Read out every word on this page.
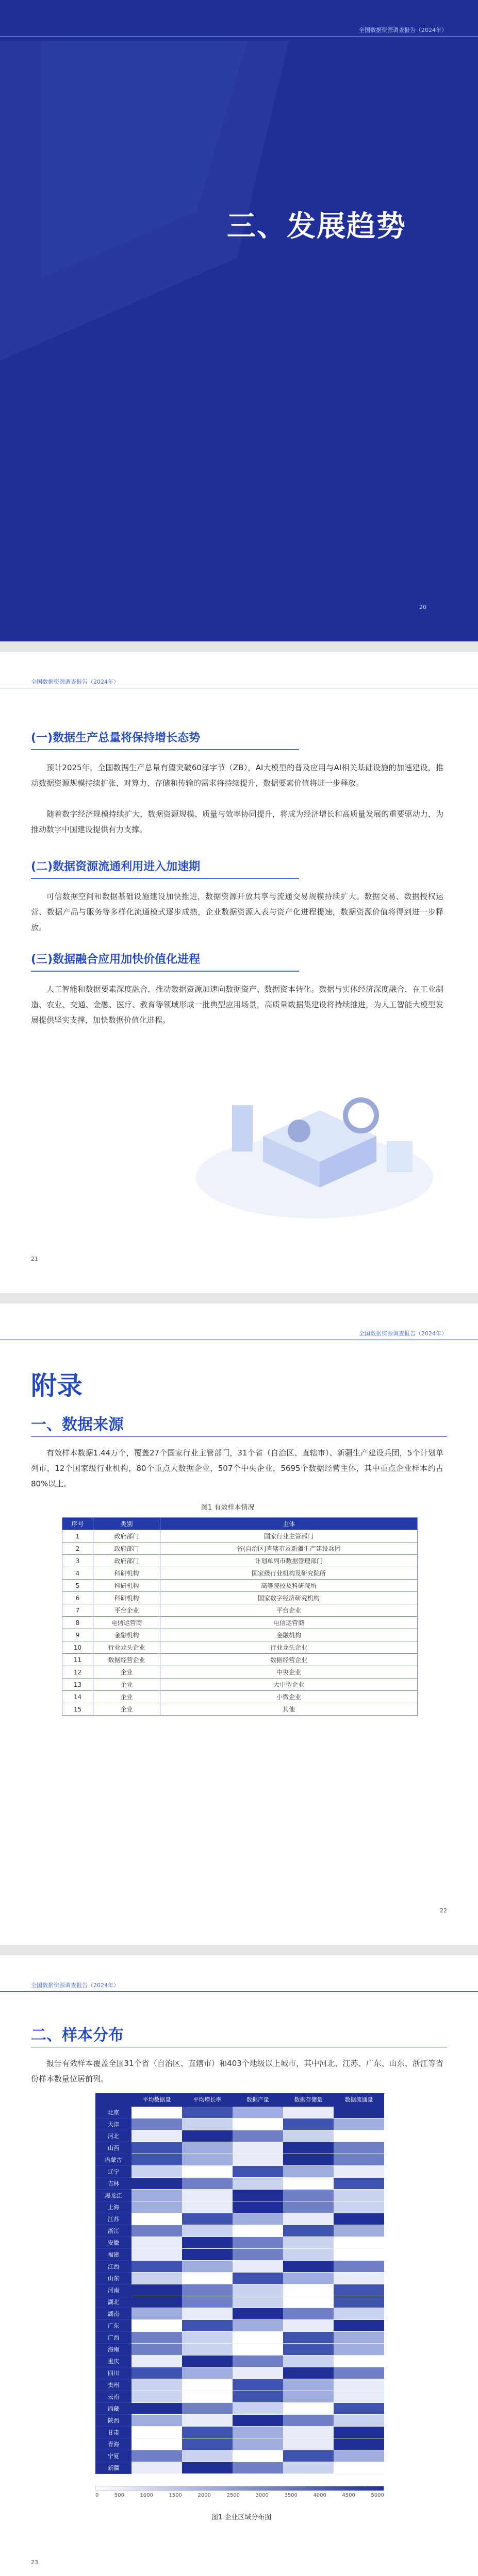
全国数据资源调查报告（2024年）
三、发展趋势
20
全国数据资源调查报告（2024年）
(一)数据生产总量将保持增长态势
预计2025年，全国数据生产总量有望突破60泽字节（ZB），AI大模型的普及应用与AI相关基础设施的加速建设，推动数据资源规模持续扩张，对算力、存储和传输的需求将持续提升，数据要素价值将进一步释放。
随着数字经济规模持续扩大，数据资源规模、质量与效率协同提升，将成为经济增长和高质量发展的重要驱动力，为推动数字中国建设提供有力支撑。
(二)数据资源流通利用进入加速期
可信数据空间和数据基础设施建设加快推进，数据资源开放共享与流通交易规模持续扩大。数据交易、数据授权运营、数据产品与服务等多样化流通模式逐步成熟，企业数据资源入表与资产化进程提速，数据资源价值将得到进一步释放。
(三)数据融合应用加快价值化进程
人工智能和数据要素深度融合，推动数据资源加速向数据资产、数据资本转化。数据与实体经济深度融合，在工业制造、农业、交通、金融、医疗、教育等领域形成一批典型应用场景，高质量数据集建设将持续推进，为人工智能大模型发展提供坚实支撑，加快数据价值化进程。
21
全国数据资源调查报告（2024年）
附录
一、数据来源
有效样本数据1.44万个，覆盖27个国家行业主管部门，31个省（自治区、直辖市）、新疆生产建设兵团，5个计划单列市，12个国家级行业机构，80个重点大数据企业，507个中央企业，5695个数据经营主体，其中重点企业样本约占80%以上。
图1 有效样本情况
序号	类别	主体
1	政府部门	国家行业主管部门
2	政府部门	省(自治区)直辖市及新疆生产建设兵团
3	政府部门	计划单列市数据管理部门
4	科研机构	国家级行业机构及研究院所
5	科研机构	高等院校及科研院所
6	科研机构	国家数字经济研究机构
7	平台企业	平台企业
8	电信运营商	电信运营商
9	金融机构	金融机构
10	行业龙头企业	行业龙头企业
11	数据经营企业	数据经营企业
12	企业	中央企业
13	企业	大中型企业
14	企业	小微企业
15	企业	其他
22
全国数据资源调查报告（2024年）
二、样本分布
报告有效样本覆盖全国31个省（自治区、直辖市）和403个地级以上城市，其中河北、江苏、广东、山东、浙江等省份样本数量位居前列。
平均数据量	平均增长率	数据产量	数据存储量	数据流通量
北京
天津
河北
山西
内蒙古
辽宁
吉林
黑龙江
上海
江苏
浙江
安徽
福建
江西
山东
河南
湖北
湖南
广东
广西
海南
重庆
四川
贵州
云南
西藏
陕西
甘肃
青海
宁夏
新疆
0	500	1000	1500	2000	2500	3000	3500	4000	4500	5000
图1 企业区域分布图
23
